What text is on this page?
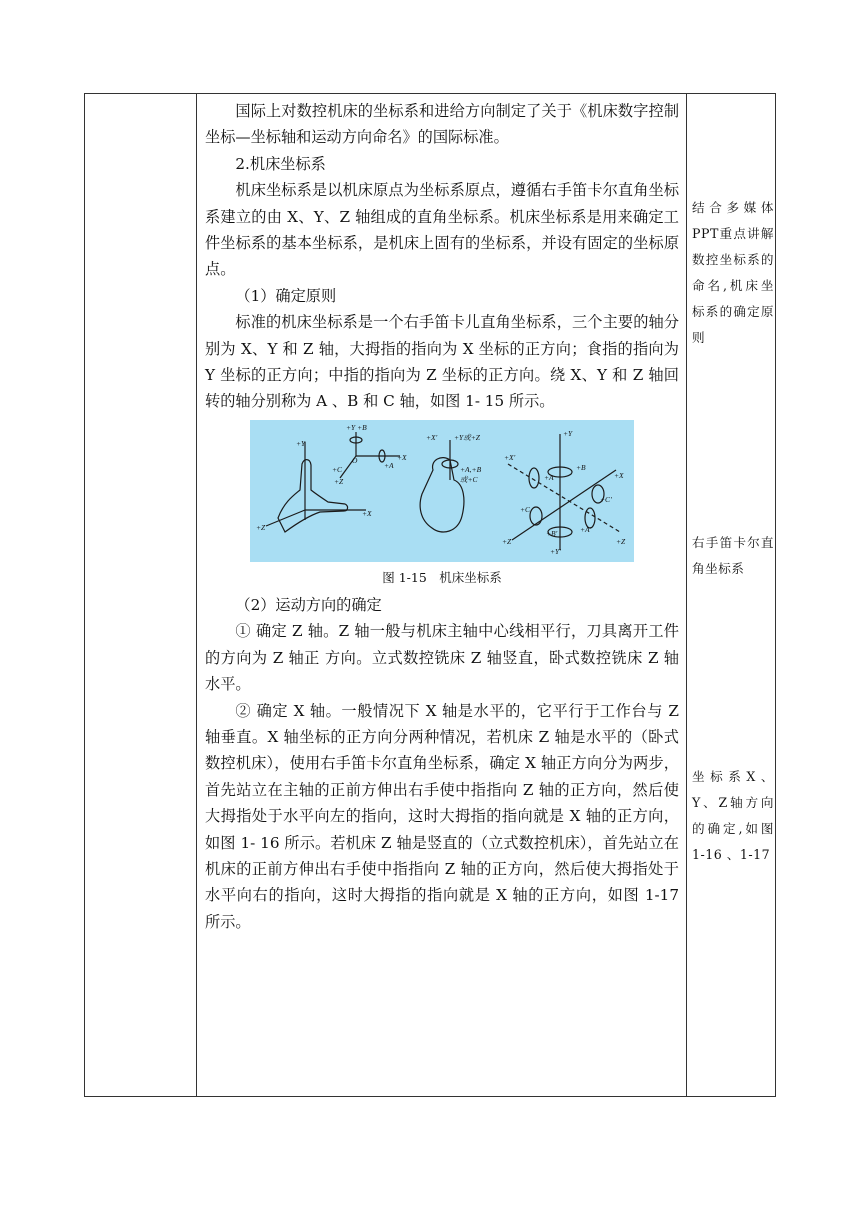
国际上对数控机床的坐标系和进给方向制定了关于《机床数字控制坐标—坐标轴和运动方向命名》的国际标准。

2.机床坐标系

机床坐标系是以机床原点为坐标系原点，遵循右手笛卡尔直角坐标系建立的由 X、Y、Z 轴组成的直角坐标系。机床坐标系是用来确定工件坐标系的基本坐标系，是机床上固有的坐标系，并设有固定的坐标原点。

（1）确定原则

标准的机床坐标系是一个右手笛卡儿直角坐标系，三个主要的轴分别为 X、Y 和 Z 轴，大拇指的指向为 X 坐标的正方向；食指的指向为 Y 坐标的正方向；中指的指向为 Z 坐标的正方向。绕 X、Y 和 Z 轴回转的轴分别称为 A 、B 和 C 轴，如图 1- 15 所示。

+Y
+X
+Z
+Y +B
O	+X
+C
+Z
+A
+X' +Y或+Z
+A,+B
或+C
+Y
+X'
+A
+B
+X
+C'
+C
+Z
+B'	+A'
+Y'
+Z
图 1-15　机床坐标系

（2）运动方向的确定

① 确定 Z 轴。Z 轴一般与机床主轴中心线相平行，刀具离开工件的方向为 Z 轴正 方向。立式数控铣床 Z 轴竖直，卧式数控铣床 Z 轴水平。

② 确定 X 轴。一般情况下 X 轴是水平的，它平行于工作台与 Z 轴垂直。X 轴坐标的正方向分两种情况，若机床 Z 轴是水平的（卧式数控机床），使用右手笛卡尔直角坐标系，确定 X 轴正方向分为两步，首先站立在主轴的正前方伸出右手使中指指向 Z 轴的正方向，然后使大拇指处于水平向左的指向，这时大拇指的指向就是 X 轴的正方向，如图 1- 16 所示。若机床 Z 轴是竖直的（立式数控机床），首先站立在机床的正前方伸出右手使中指指向 Z 轴的正方向，然后使大拇指处于水平向右的指向，这时大拇指的指向就是 X 轴的正方向，如图 1-17 所示。

结合多媒体PPT重点讲解数控坐标系的命名,机床坐标系的确定原则
右手笛卡尔直角坐标系
坐标系X、Y、Z轴方向的确定,如图 1-16 、1-17
